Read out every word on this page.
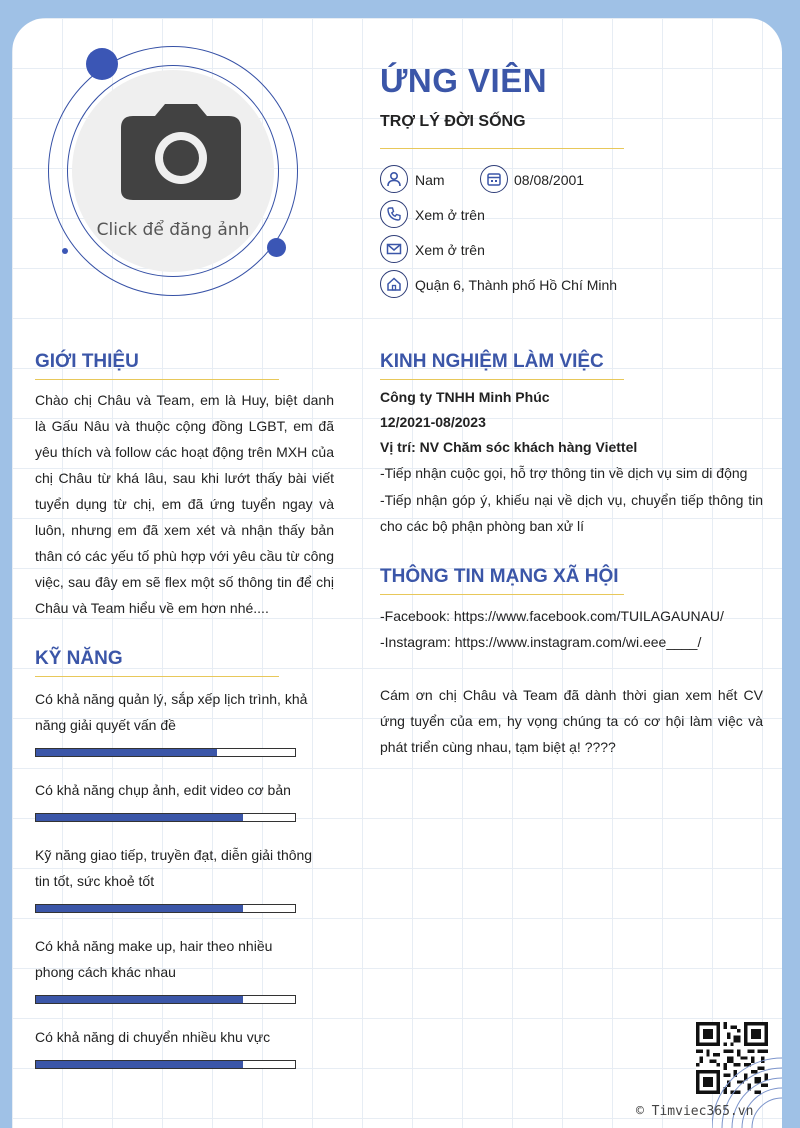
Click để đăng ảnh
ỨNG VIÊN
TRỢ LÝ ĐỜI SỐNG
Nam	08/08/2001
Xem ở trên
Xem ở trên
Quận 6, Thành phố Hồ Chí Minh
GIỚI THIỆU
Chào chị Châu và Team, em là Huy, biệt danh là Gấu Nâu và thuộc cộng đồng LGBT, em đã yêu thích và follow các hoạt động trên MXH của chị Châu từ khá lâu, sau khi lướt thấy bài viết tuyển dụng từ chị, em đã ứng tuyển ngay và luôn, nhưng em đã xem xét và nhận thấy bản thân có các yếu tố phù hợp với yêu cầu từ công việc, sau đây em sẽ flex một số thông tin để chị Châu và Team hiểu về em hơn nhé....
KỸ NĂNG
Có khả năng quản lý, sắp xếp lịch trình, khả năng giải quyết vấn đề
Có khả năng chụp ảnh, edit video cơ bản
Kỹ năng giao tiếp, truyền đạt, diễn giải thông tin tốt, sức khoẻ tốt
Có khả năng make up, hair theo nhiều phong cách khác nhau
Có khả năng di chuyển nhiều khu vực
KINH NGHIỆM LÀM VIỆC
Công ty TNHH Minh Phúc
12/2021-08/2023
Vị trí: NV Chăm sóc khách hàng Viettel
-Tiếp nhận cuộc gọi, hỗ trợ thông tin về dịch vụ sim di động
-Tiếp nhận góp ý, khiếu nại về dịch vụ, chuyển tiếp thông tin cho các bộ phận phòng ban xử lí
THÔNG TIN MẠNG XÃ HỘI
-Facebook: https://www.facebook.com/TUILAGAUNAU/
-Instagram: https://www.instagram.com/wi.eee____/
Cám ơn chị Châu và Team đã dành thời gian xem hết CV ứng tuyển của em, hy vọng chúng ta có cơ hội làm việc và phát triển cùng nhau, tạm biệt ạ! ????
© Timviec365.vn
